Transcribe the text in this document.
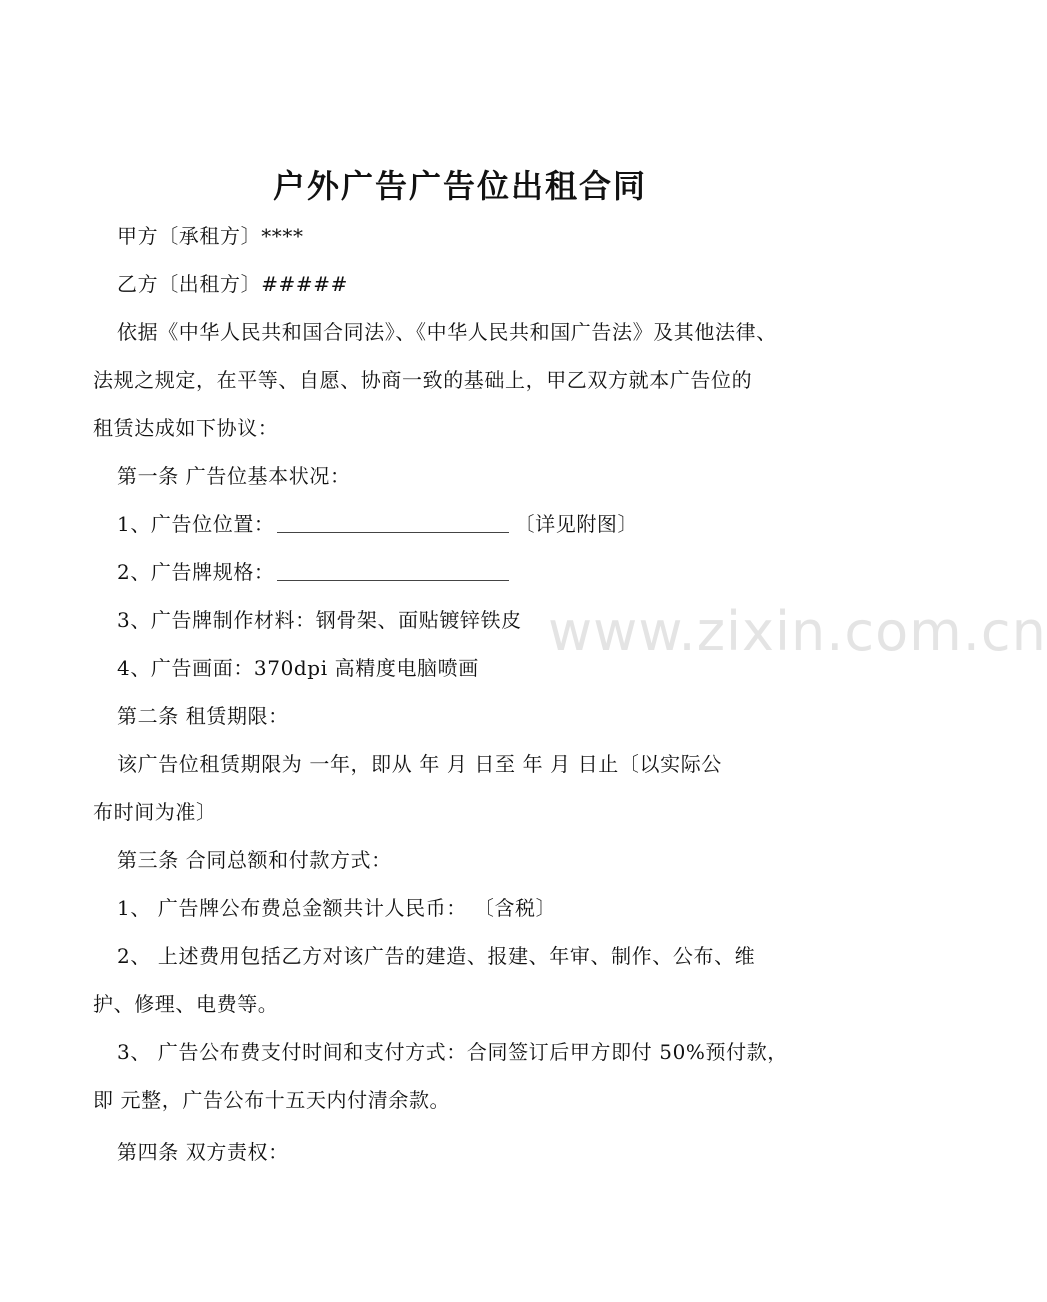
户外广告广告位出租合同
甲方〔承租方〕****
乙方〔出租方〕#####
依据《中华人民共和国合同法》、《中华人民共和国广告法》及其他法律、
法规之规定，在平等、自愿、协商一致的基础上，甲乙双方就本广告位的
租赁达成如下协议：
第一条 广告位基本状况：
1、广告位位置：	〔详见附图〕
2、广告牌规格：
3、广告牌制作材料：钢骨架、面贴镀锌铁皮
4、广告画面：370dpi 高精度电脑喷画
第二条 租赁期限：
该广告位租赁期限为 一年，即从 年 月 日至 年 月 日止〔以实际公
布时间为准〕
第三条 合同总额和付款方式：
1、 广告牌公布费总金额共计人民币： 〔含税〕
2、 上述费用包括乙方对该广告的建造、报建、年审、制作、公布、维
护、修理、电费等。
3、 广告公布费支付时间和支付方式：合同签订后甲方即付 50%预付款，
即 元整，广告公布十五天内付清余款。
第四条 双方责权：
www.zixin.com.cn
